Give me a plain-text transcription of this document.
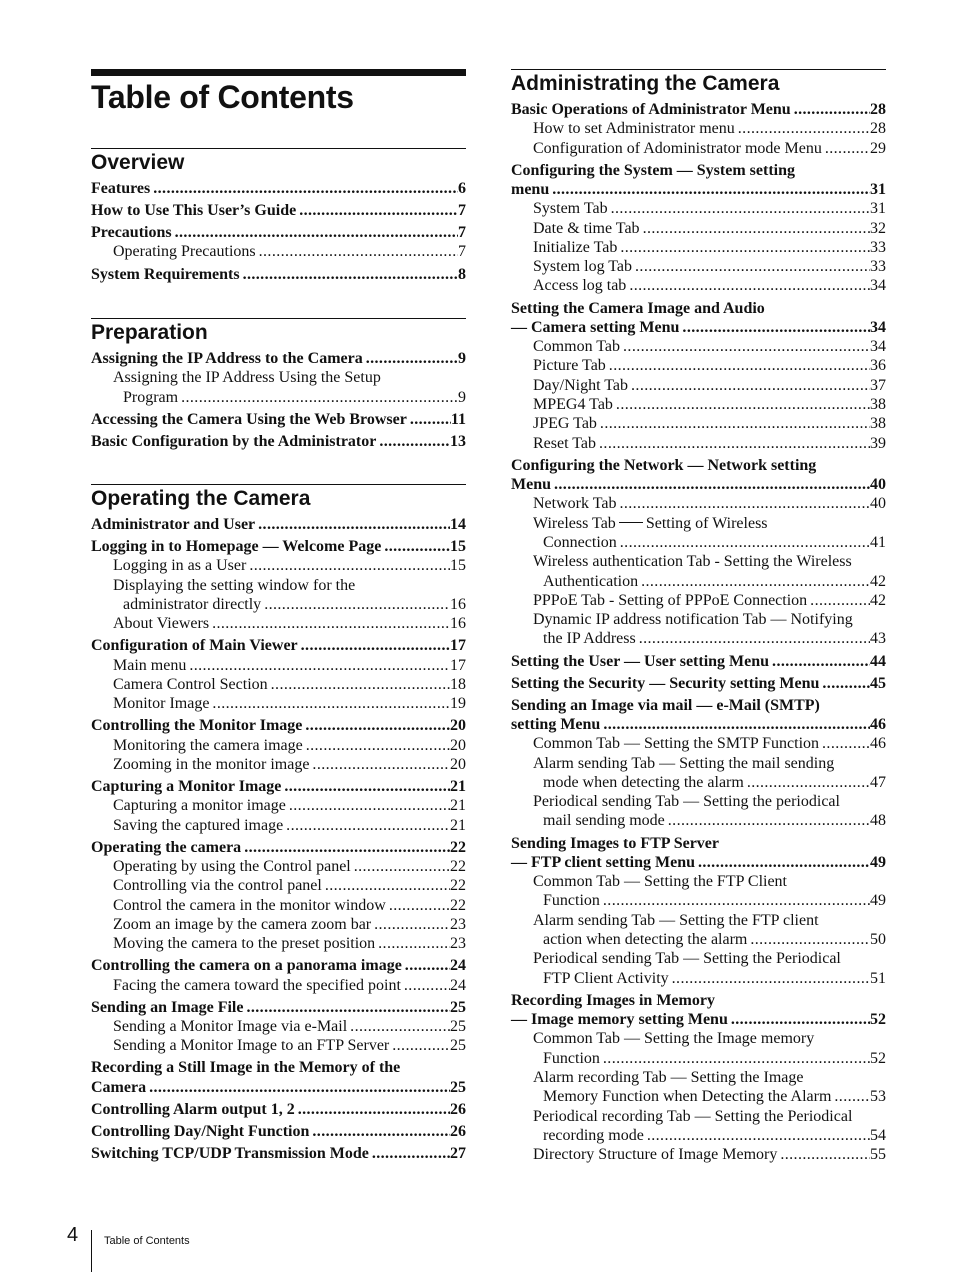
Table of Contents
Overview
Features .....	6
How to Use This User’s Guide .....	7
Precautions .....	7
Operating Precautions .....	7
System Requirements .....	8
Preparation
Assigning the IP Address to the Camera .....	9
Assigning the IP Address Using the Setup
Program .....	9
Accessing the Camera Using the Web Browser .....	11
Basic Configuration by the Administrator .....	13
Operating the Camera
Administrator and User .....	14
Logging in to Homepage — Welcome Page .....	15
Logging in as a User .....	15
Displaying the setting window for the
administrator directly .....	16
About Viewers .....	16
Configuration of Main Viewer .....	17
Main menu .....	17
Camera Control Section .....	18
Monitor Image .....	19
Controlling the Monitor Image .....	20
Monitoring the camera image .....	20
Zooming in the monitor image .....	20
Capturing a Monitor Image .....	21
Capturing a monitor image .....	21
Saving the captured image .....	21
Operating the camera .....	22
Operating by using the Control panel .....	22
Controlling via the control panel .....	22
Control the camera in the monitor window .....	22
Zoom an image by the camera zoom bar .....	23
Moving the camera to the preset position .....	23
Controlling the camera on a panorama image .....	24
Facing the camera toward the specified point .....	24
Sending an Image File .....	25
Sending a Monitor Image via e-Mail .....	25
Sending a Monitor Image to an FTP Server .....	25
Recording a Still Image in the Memory of the
Camera .....	25
Controlling Alarm output 1, 2 .....	26
Controlling Day/Night Function .....	26
Switching TCP/UDP Transmission Mode .....	27
Administrating the Camera
Basic Operations of Administrator Menu .....	28
How to set Administrator menu .....	28
Configuration of Adoministrator mode Menu .....	29
Configuring the System — System setting
menu .....	31
System Tab .....	31
Date & time Tab .....	32
Initialize Tab .....	33
System log Tab .....	33
Access log tab .....	34
Setting the Camera Image and Audio
— Camera setting Menu .....	34
Common Tab .....	34
Picture Tab .....	36
Day/Night Tab .....	37
MPEG4 Tab .....	38
JPEG Tab .....	38
Reset Tab .....	39
Configuring the Network — Network setting
Menu .....	40
Network Tab .....	40
Wireless Tab Setting of Wireless
Connection .....	41
Wireless authentication Tab - Setting the Wireless
Authentication .....	42
PPPoE Tab - Setting of PPPoE Connection .....	42
Dynamic IP address notification Tab — Notifying
the IP Address .....	43
Setting the User — User setting Menu .....	44
Setting the Security — Security setting Menu .....	45
Sending an Image via mail — e-Mail (SMTP)
setting Menu .....	46
Common Tab — Setting the SMTP Function .....	46
Alarm sending Tab — Setting the mail sending
mode when detecting the alarm .....	47
Periodical sending Tab — Setting the periodical
mail sending mode .....	48
Sending Images to FTP Server
— FTP client setting Menu .....	49
Common Tab — Setting the FTP Client
Function .....	49
Alarm sending Tab — Setting the FTP client
action when detecting the alarm .....	50
Periodical sending Tab — Setting the Periodical
FTP Client Activity .....	51
Recording Images in Memory
— Image memory setting Menu .....	52
Common Tab — Setting the Image memory
Function .....	52
Alarm recording Tab — Setting the Image
Memory Function when Detecting the Alarm ..... 53
Periodical recording Tab — Setting the Periodical
recording mode .....	54
Directory Structure of Image Memory .....	55
4 Table of Contents
